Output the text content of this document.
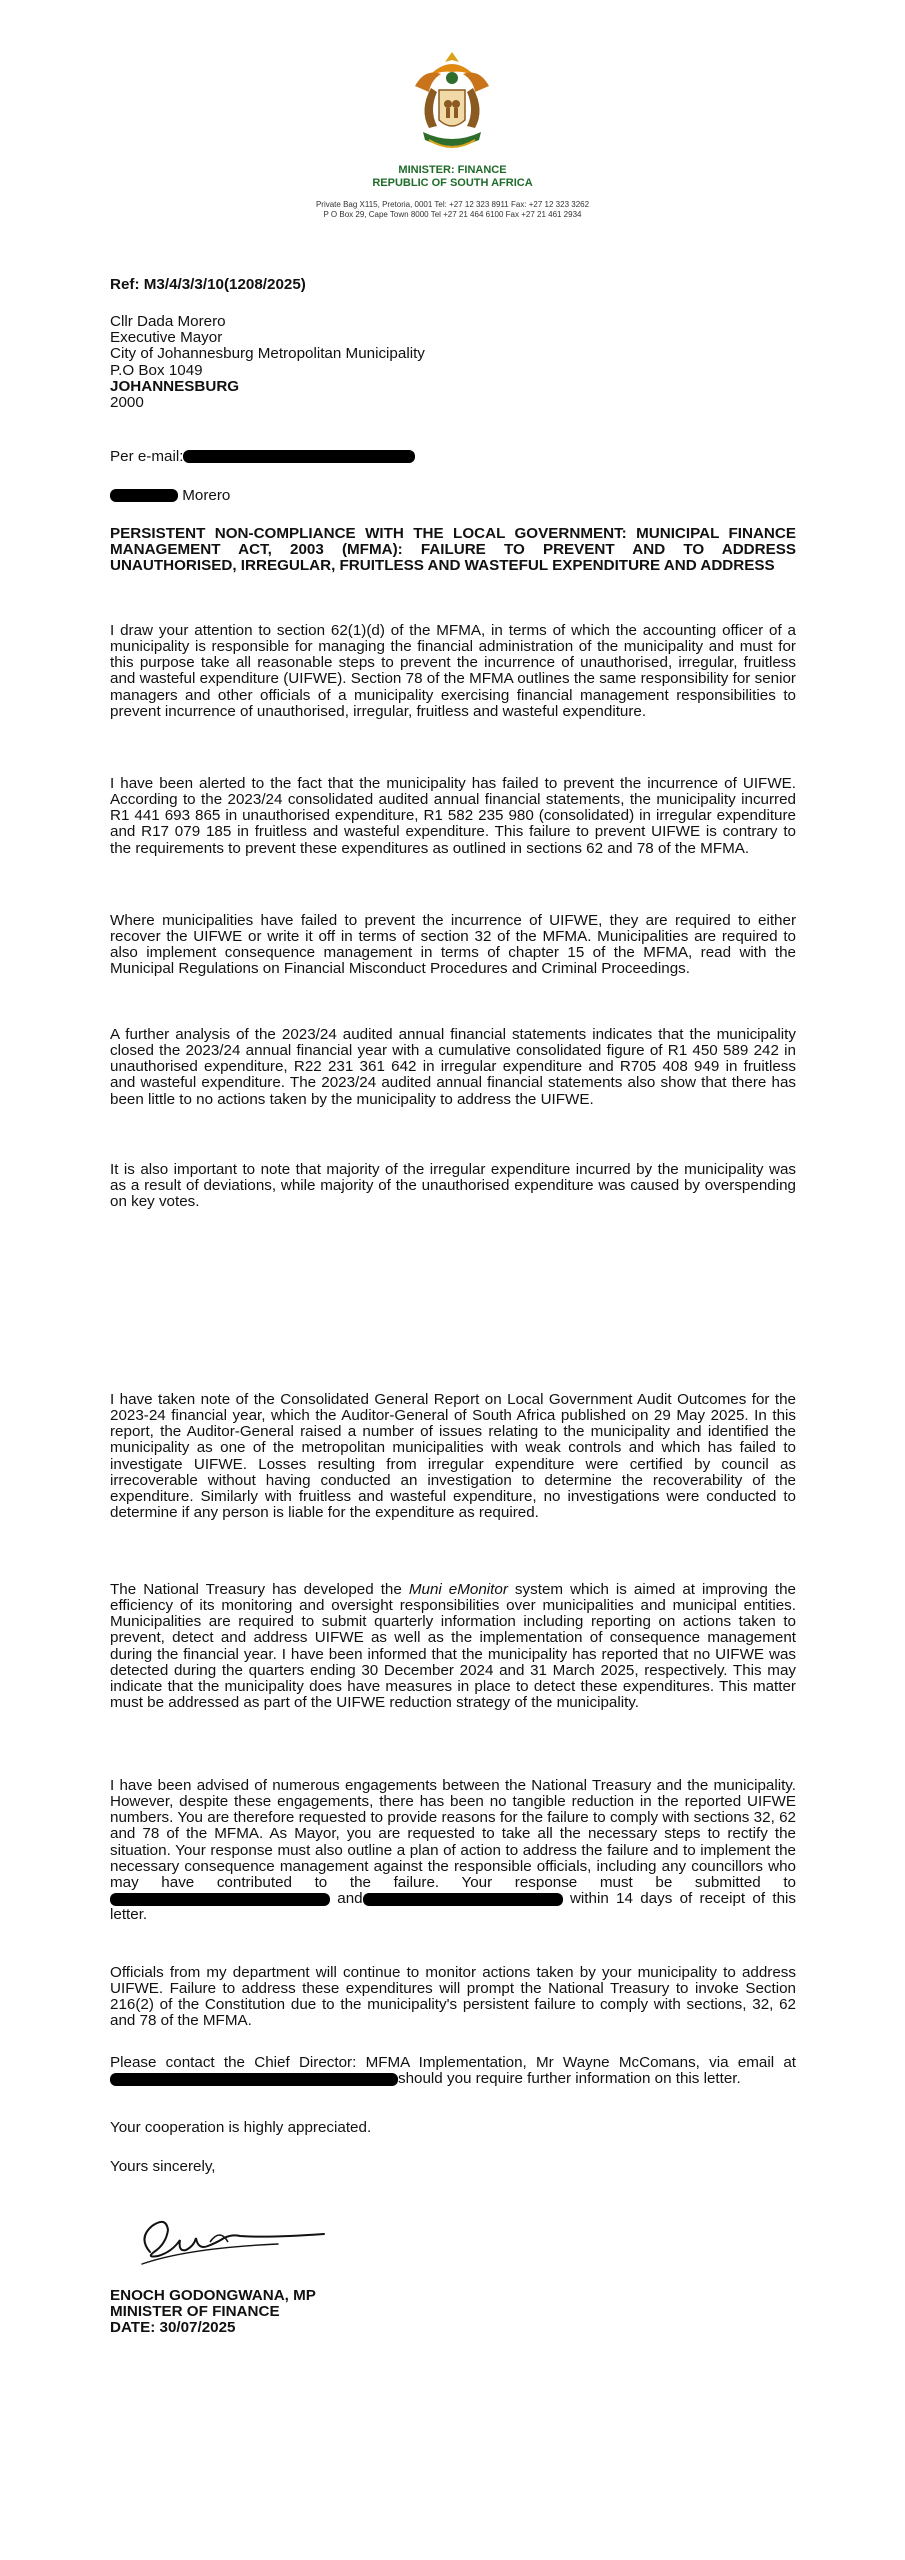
MINISTER: FINANCE
REPUBLIC OF SOUTH AFRICA
Private Bag X115, Pretoria, 0001 Tel: +27 12 323 8911 Fax: +27 12 323 3262
P O Box 29, Cape Town 8000 Tel +27 21 464 6100 Fax +27 21 461 2934
Ref: M3/4/3/3/10(1208/2025)
Cllr Dada Morero
Executive Mayor
City of Johannesburg Metropolitan Municipality
P.O Box 1049
JOHANNESBURG
2000
Per e-mail:
Morero

PERSISTENT NON-COMPLIANCE WITH THE LOCAL GOVERNMENT: MUNICIPAL FINANCE MANAGEMENT ACT, 2003 (MFMA): FAILURE TO PREVENT AND TO ADDRESS UNAUTHORISED, IRREGULAR, FRUITLESS AND WASTEFUL EXPENDITURE AND ADDRESS

I draw your attention to section 62(1)(d) of the MFMA, in terms of which the accounting officer of a municipality is responsible for managing the financial administration of the municipality and must for this purpose take all reasonable steps to prevent the incurrence of unauthorised, irregular, fruitless and wasteful expenditure (UIFWE). Section 78 of the MFMA outlines the same responsibility for senior managers and other officials of a municipality exercising financial management responsibilities to prevent incurrence of unauthorised, irregular, fruitless and wasteful expenditure.

I have been alerted to the fact that the municipality has failed to prevent the incurrence of UIFWE. According to the 2023/24 consolidated audited annual financial statements, the municipality incurred R1 441 693 865 in unauthorised expenditure, R1 582 235 980 (consolidated) in irregular expenditure and R17 079 185 in fruitless and wasteful expenditure. This failure to prevent UIFWE is contrary to the requirements to prevent these expenditures as outlined in sections 62 and 78 of the MFMA.

Where municipalities have failed to prevent the incurrence of UIFWE, they are required to either recover the UIFWE or write it off in terms of section 32 of the MFMA. Municipalities are required to also implement consequence management in terms of chapter 15 of the MFMA, read with the Municipal Regulations on Financial Misconduct Procedures and Criminal Proceedings.

A further analysis of the 2023/24 audited annual financial statements indicates that the municipality closed the 2023/24 annual financial year with a cumulative consolidated figure of R1 450 589 242 in unauthorised expenditure, R22 231 361 642 in irregular expenditure and R705 408 949 in fruitless and wasteful expenditure. The 2023/24 audited annual financial statements also show that there has been little to no actions taken by the municipality to address the UIFWE.

It is also important to note that majority of the irregular expenditure incurred by the municipality was as a result of deviations, while majority of the unauthorised expenditure was caused by overspending on key votes.

I have taken note of the Consolidated General Report on Local Government Audit Outcomes for the 2023-24 financial year, which the Auditor-General of South Africa published on 29 May 2025. In this report, the Auditor-General raised a number of issues relating to the municipality and identified the municipality as one of the metropolitan municipalities with weak controls and which has failed to investigate UIFWE. Losses resulting from irregular expenditure were certified by council as irrecoverable without having conducted an investigation to determine the recoverability of the expenditure. Similarly with fruitless and wasteful expenditure, no investigations were conducted to determine if any person is liable for the expenditure as required.

The National Treasury has developed the Muni eMonitor system which is aimed at improving the efficiency of its monitoring and oversight responsibilities over municipalities and municipal entities. Municipalities are required to submit quarterly information including reporting on actions taken to prevent, detect and address UIFWE as well as the implementation of consequence management during the financial year. I have been informed that the municipality has reported that no UIFWE was detected during the quarters ending 30 December 2024 and 31 March 2025, respectively. This may indicate that the municipality does have measures in place to detect these expenditures. This matter must be addressed as part of the UIFWE reduction strategy of the municipality.

I have been advised of numerous engagements between the National Treasury and the municipality. However, despite these engagements, there has been no tangible reduction in the reported UIFWE numbers. You are therefore requested to provide reasons for the failure to comply with sections 32, 62 and 78 of the MFMA. As Mayor, you are requested to take all the necessary steps to rectify the situation. Your response must also outline a plan of action to address the failure and to implement the necessary consequence management against the responsible officials, including any councillors who may have contributed to the failure. Your response must be submitted to and	within 14 days of receipt of this letter.

Officials from my department will continue to monitor actions taken by your municipality to address UIFWE. Failure to address these expenditures will prompt the National Treasury to invoke Section 216(2) of the Constitution due to the municipality's persistent failure to comply with sections, 32, 62 and 78 of the MFMA.

Please contact the Chief Director: MFMA Implementation, Mr Wayne McComans, via email atshould you require further information on this letter.

Your cooperation is highly appreciated.

Yours sincerely,

ENOCH GODONGWANA, MP
MINISTER OF FINANCE
DATE: 30/07/2025
